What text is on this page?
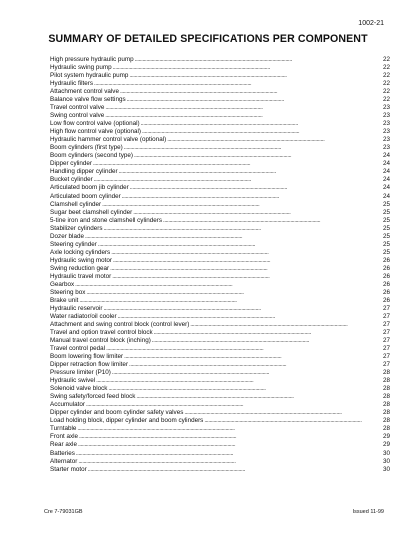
1002-21
SUMMARY OF DETAILED SPECIFICATIONS PER COMPONENT
High pressure hydraulic pump . . .	22
Hydraulic swing pump . . .	22
Pilot system hydraulic pump . . .	22
Hydraulic filters . . .	22
Attachment control valve . . .	22
Balance valve flow settings . . .	22
Travel control valve . . .	23
Swing control valve . . .	23
Low flow control valve (optional) . . .	23
High flow control valve (optional) . . .	23
Hydraulic hammer control valve (optional) . . .	23
Boom cylinders (first type) . . .	23
Boom cylinders (second type) . . .	24
Dipper cylinder . . .	24
Handling dipper cylinder . . .	24
Bucket cylinder . . .	24
Articulated boom jib cylinder . . .	24
Articulated boom cylinder . . .	24
Clamshell cylinder . . .	25
Sugar beet clamshell cylinder . . .	25
5-tine iron and stone clamshell cylinders . . .	25
Stabilizer cylinders . . .	25
Dozer blade . . .	25
Steering cylinder . . .	25
Axle locking cylinders . . .	25
Hydraulic swing motor . . .	26
Swing reduction gear . . .	26
Hydraulic travel motor . . .	26
Gearbox . . .	26
Steering box . . .	26
Brake unit . . .	26
Hydraulic reservoir . . .	27
Water radiator/oil cooler . . .	27
Attachment and swing control block (control lever) . . .	27
Travel and option travel control block . . .	27
Manual travel control block (inching) . . .	27
Travel control pedal . . .	27
Boom lowering flow limiter . . .	27
Dipper retraction flow limiter . . .	27
Pressure limiter (P10) . . .	28
Hydraulic swivel . . .	28
Solenoid valve block . . .	28
Swing safety/forced feed block . . .	28
Accumulator . . .	28
Dipper cylinder and boom cylinder safety valves . . .	28
Load holding block, dipper cylinder and boom cylinders . . .	28
Turntable . . .	28
Front axle . . .	29
Rear axle . . .	29
Batteries . . .	30
Alternator . . .	30
Starter motor . . .	30
Cre 7-79031GB	Issued 11-99
